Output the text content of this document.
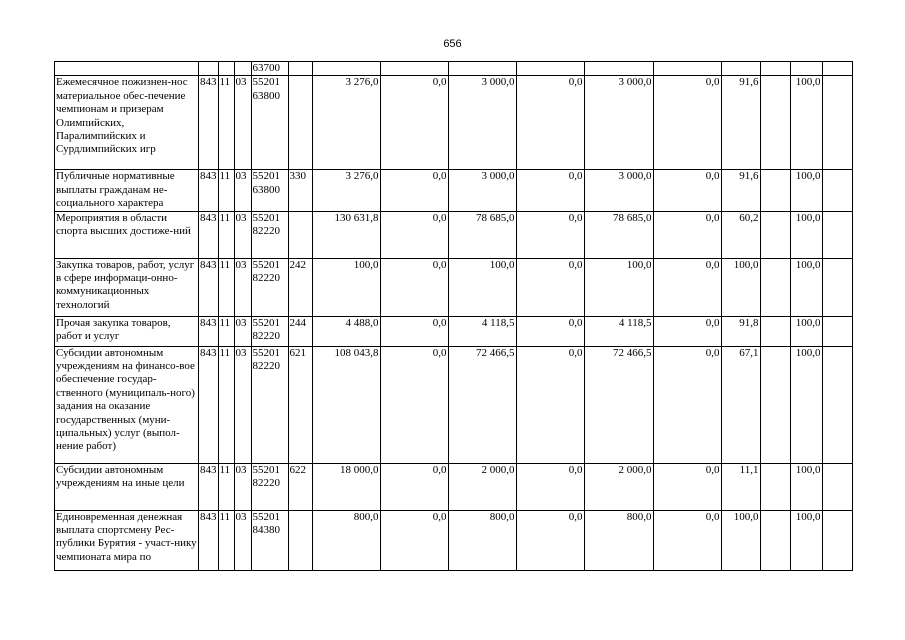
656
				63700											
Ежемесячное пожизнен-нос материальное обес-печение чемпионам и призерам Олимпийских, Паралимпийских и Сурдлимпийских игр	843	11	03	55201 63800		3 276,0	0,0	3 000,0	0,0	3 000,0	0,0	91,6		100,0	
Публичные нормативные выплаты гражданам не-социального характера	843	11	03	55201 63800	330	3 276,0	0,0	3 000,0	0,0	3 000,0	0,0	91,6		100,0	
Мероприятия в области спорта высших достиже-ний	843	11	03	55201 82220		130 631,8	0,0	78 685,0	0,0	78 685,0	0,0	60,2		100,0	
Закупка товаров, работ, услуг в сфере информаци-онно-коммуникационных технологий	843	11	03	55201 82220	242	100,0	0,0	100,0	0,0	100,0	0,0	100,0		100,0	
Прочая закупка товаров, работ и услуг	843	11	03	55201 82220	244	4 488,0	0,0	4 118,5	0,0	4 118,5	0,0	91,8		100,0	
Субсидии автономным учреждениям на финансо-вое обеспечение государ-ственного (муниципаль-ного) задания на оказание государственных (муни-ципальных) услуг (выпол-нение работ)	843	11	03	55201 82220	621	108 043,8	0,0	72 466,5	0,0	72 466,5	0,0	67,1		100,0	
Субсидии автономным учреждениям на иные цели	843	11	03	55201 82220	622	18 000,0	0,0	2 000,0	0,0	2 000,0	0,0	11,1		100,0	
Единовременная денежная выплата спортсмену Рес-публики Бурятия - участ-нику чемпионата мира по	843	11	03	55201 84380		800,0	0,0	800,0	0,0	800,0	0,0	100,0		100,0	
